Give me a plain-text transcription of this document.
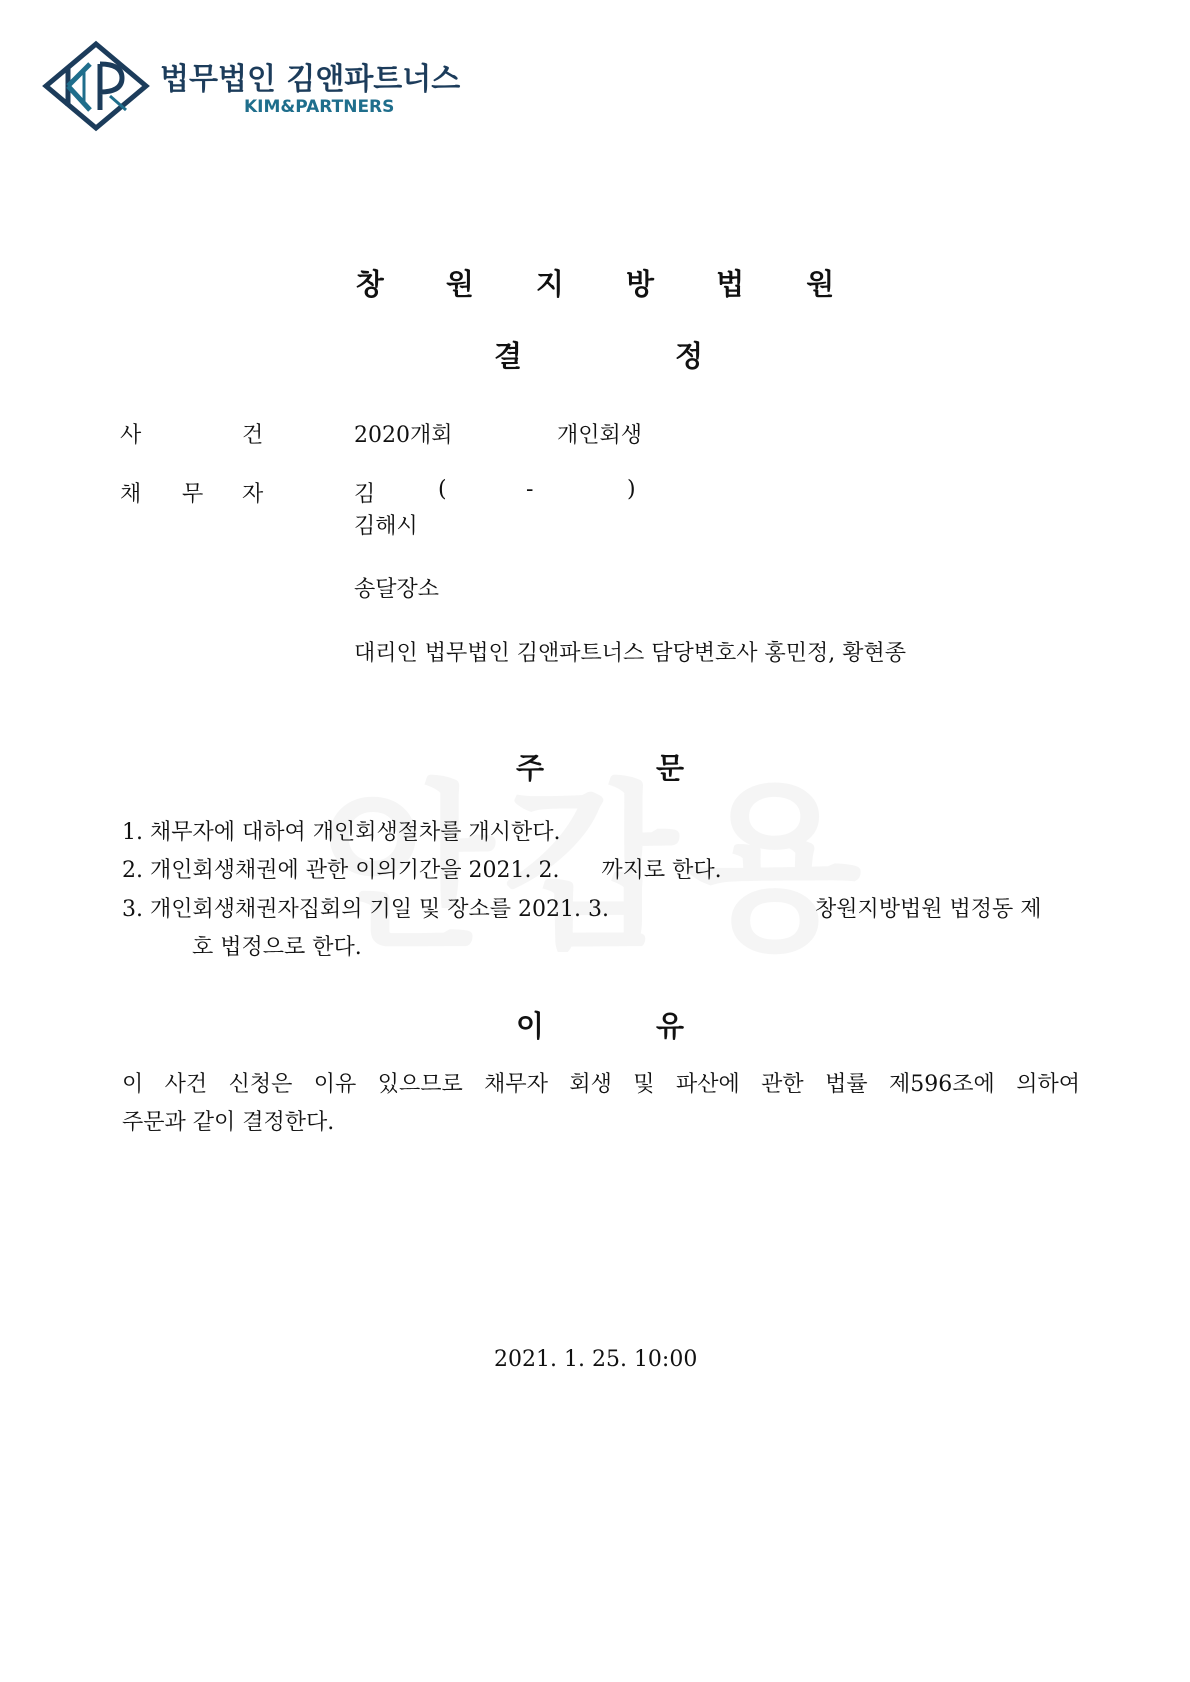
법무법인 김앤파트너스
KIM&PARTNERS
창 원 지 방 법 원
결	정
사	건	2020개회	개인회생
채 무 자	김	(	-	)
김해시
송달장소
대리인 법무법인 김앤파트너스 담당변호사 홍민정, 황현종
주	문
1. 채무자에 대하여 개인회생절차를 개시한다.
2. 개인회생채권에 관한 이의기간을 2021. 2.      까지로 한다.
3. 개인회생채권자집회의 기일 및 장소를 2021. 3.	창원지방법원 법정동 제
호 법정으로 한다.
이	유
이 사건 신청은 이유 있으므로 채무자 회생 및 파산에 관한 법률 제596조에 의하여
주문과 같이 결정한다.
2021. 1. 25. 10:00
